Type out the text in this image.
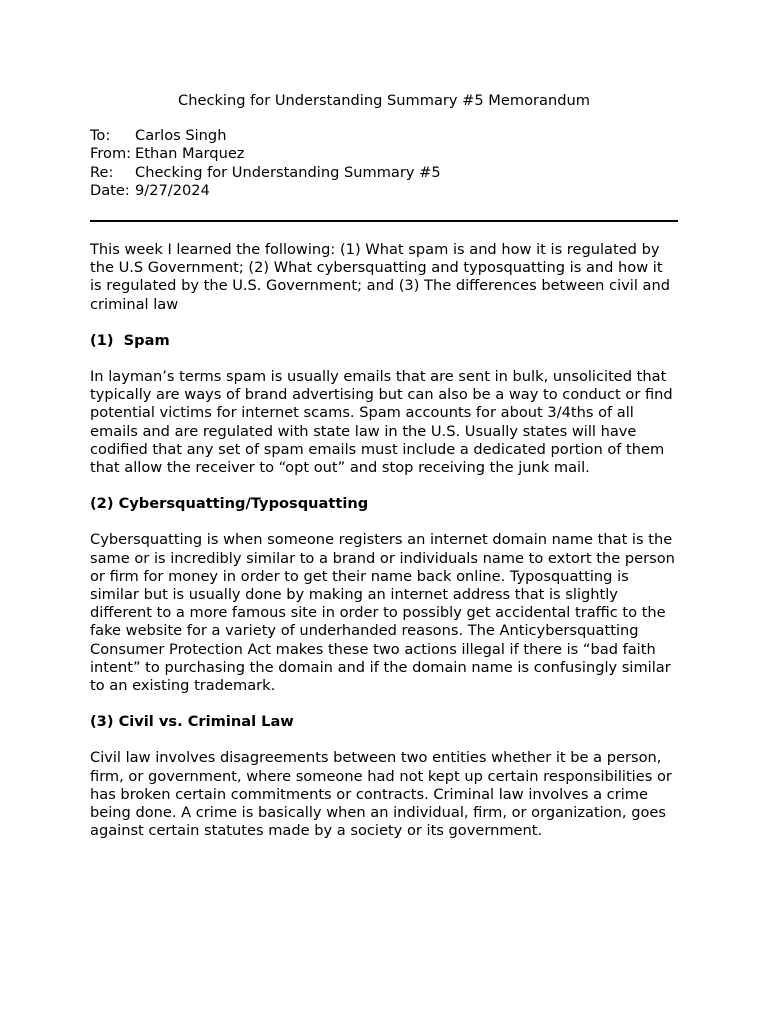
Checking for Understanding Summary #5 Memorandum
To:	Carlos Singh
From: Ethan Marquez
Re:	Checking for Understanding Summary #5
Date: 9/27/2024

This week I learned the following: (1) What spam is and how it is regulated by the U.S Government; (2) What cybersquatting and typosquatting is and how it is regulated by the U.S. Government; and (3) The differences between civil and criminal law

(1)  Spam

In layman’s terms spam is usually emails that are sent in bulk, unsolicited that typically are ways of brand advertising but can also be a way to conduct or find potential victims for internet scams. Spam accounts for about 3/4ths of all emails and are regulated with state law in the U.S. Usually states will have codified that any set of spam emails must include a dedicated portion of them that allow the receiver to “opt out” and stop receiving the junk mail.

(2) Cybersquatting/Typosquatting

Cybersquatting is when someone registers an internet domain name that is the same or is incredibly similar to a brand or individuals name to extort the person or firm for money in order to get their name back online. Typosquatting is similar but is usually done by making an internet address that is slightly different to a more famous site in order to possibly get accidental traffic to the fake website for a variety of underhanded reasons. The Anticybersquatting Consumer Protection Act makes these two actions illegal if there is “bad faith intent” to purchasing the domain and if the domain name is confusingly similar to an existing trademark.

(3) Civil vs. Criminal Law

Civil law involves disagreements between two entities whether it be a person, firm, or government, where someone had not kept up certain responsibilities or has broken certain commitments or contracts. Criminal law involves a crime being done. A crime is basically when an individual, firm, or organization, goes against certain statutes made by a society or its government.
